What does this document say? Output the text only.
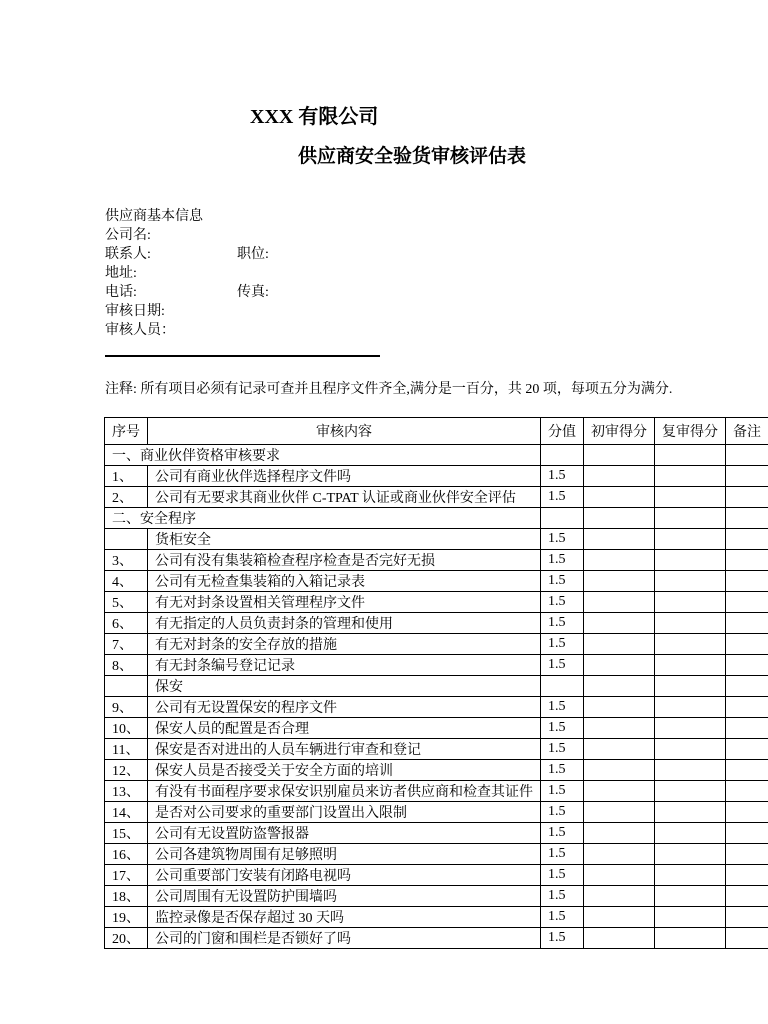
XXX 有限公司
供应商安全验货审核评估表
供应商基本信息
公司名:
联系人:	职位:
地址:
电话:	传真:
审核日期:
审核人员：
注释: 所有项目必须有记录可查并且程序文件齐全,满分是一百分，共 20 项，每项五分为满分.
序号	审核内容	分值	初审得分	复审得分	备注
一、商业伙伴资格审核要求					
1、	公司有商业伙伴选择程序文件吗	1.5			
2、	公司有无要求其商业伙伴 C-TPAT 认证或商业伙伴安全评估	1.5			
二、安全程序					
	货柜安全	1.5			
3、	公司有没有集装箱检查程序检查是否完好无损	1.5			
4、	公司有无检查集装箱的入箱记录表	1.5			
5、	有无对封条设置相关管理程序文件	1.5			
6、	有无指定的人员负责封条的管理和使用	1.5			
7、	有无对封条的安全存放的措施	1.5			
8、	有无封条编号登记记录	1.5			
	保安				
9、	公司有无设置保安的程序文件	1.5			
10、	保安人员的配置是否合理	1.5			
11、	保安是否对进出的人员车辆进行审查和登记	1.5			
12、	保安人员是否接受关于安全方面的培训	1.5			
13、	有没有书面程序要求保安识别雇员来访者供应商和检查其证件	1.5			
14、	是否对公司要求的重要部门设置出入限制	1.5			
15、	公司有无设置防盗警报器	1.5			
16、	公司各建筑物周围有足够照明	1.5			
17、	公司重要部门安装有闭路电视吗	1.5			
18、	公司周围有无设置防护围墙吗	1.5			
19、	监控录像是否保存超过 30 天吗	1.5			
20、	公司的门窗和围栏是否锁好了吗	1.5			
